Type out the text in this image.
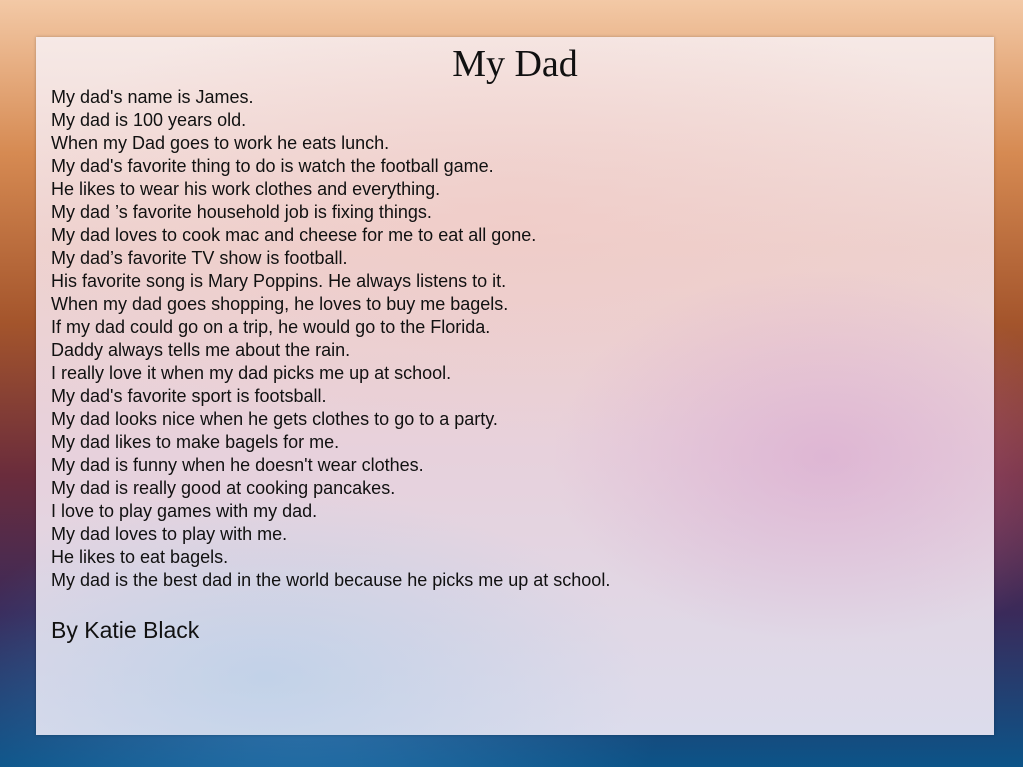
My Dad
My dad's name is James.
My dad is 100 years old.
When my Dad goes to work he eats lunch.
My dad's favorite thing to do is watch the football game.
He likes to wear his work clothes and everything.
My dad ’s favorite household job is fixing things.
My dad loves to cook mac and cheese for me to eat all gone.
My dad’s favorite TV show is football.
His favorite song is Mary Poppins. He always listens to it.
When my dad goes shopping, he loves to buy me bagels.
If my dad could go on a trip, he would go to the Florida.
Daddy always tells me about the rain.
I really love it when my dad picks me up at school.
My dad's favorite sport is footsball.
My dad looks nice when he gets clothes to go to a party.
My dad likes to make bagels for me.
My dad is funny when he doesn't wear clothes.
My dad is really good at cooking pancakes.
I love to play games with my dad.
My dad loves to play with me.
He likes to eat bagels.
My dad is the best dad in the world because he picks me up at school.

By Katie Black
